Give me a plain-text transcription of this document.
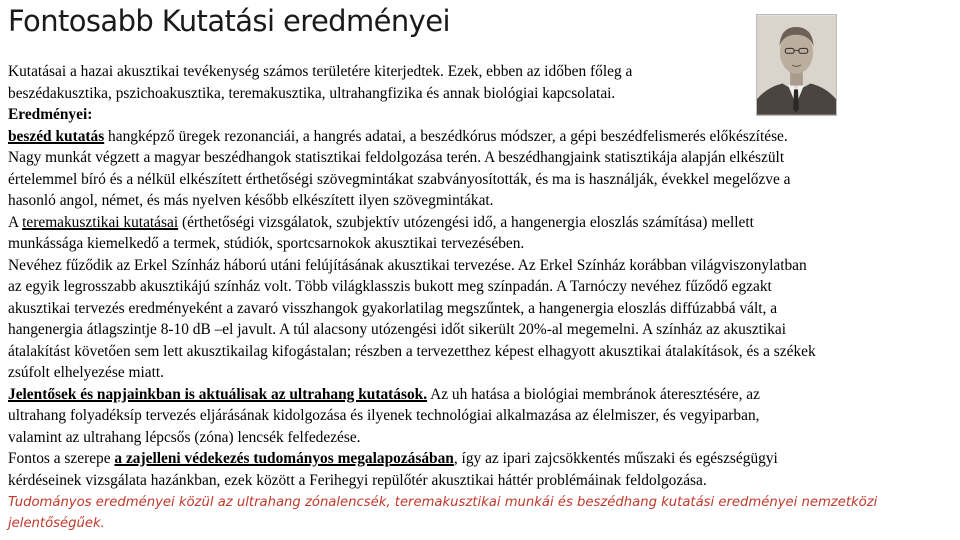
Fontosabb Kutatási eredményei

Kutatásai a hazai akusztikai tevékenység számos területére kiterjedtek. Ezek, ebben az időben főleg a

beszédakusztika, pszichoakusztika, teremakusztika, ultrahangfizika és annak biológiai kapcsolatai.

Eredményei:

beszéd kutatás hangképző üregek rezonanciái, a hangrés adatai, a beszédkórus módszer, a gépi beszédfelismerés előkészítése.

Nagy munkát végzett a magyar beszédhangok statisztikai feldolgozása terén. A beszédhangjaink statisztikája alapján elkészült

értelemmel bíró és a nélkül elkészített érthetőségi szövegmintákat szabványosították, és ma is használják, évekkel megelőzve a

hasonló angol, német, és más nyelven később elkészített ilyen szövegmintákat.

A teremakusztikai kutatásai (érthetőségi vizsgálatok, szubjektív utózengési idő, a hangenergia eloszlás számítása) mellett

munkássága kiemelkedő a termek, stúdiók, sportcsarnokok akusztikai tervezésében.

Nevéhez fűződik az Erkel Színház háború utáni felújításának akusztikai tervezése. Az Erkel Színház korábban világviszonylatban

az egyik legrosszabb akusztikájú színház volt. Több világklasszis bukott meg színpadán. A Tarnóczy nevéhez fűződő egzakt

akusztikai tervezés eredményeként a zavaró visszhangok gyakorlatilag megszűntek, a hangenergia eloszlás diffúzabbá vált, a

hangenergia átlagszintje 8-10 dB –el javult. A túl alacsony utózengési időt sikerült 20%-al megemelni. A színház az akusztikai

átalakítást követően sem lett akusztikailag kifogástalan; részben a tervezetthez képest elhagyott akusztikai átalakítások, és a székek

zsúfolt elhelyezése miatt.

Jelentősek és napjainkban is aktuálisak az ultrahang kutatások. Az uh hatása a biológiai membránok áteresztésére, az

ultrahang folyadéksíp tervezés eljárásának kidolgozása és ilyenek technológiai alkalmazása az élelmiszer, és vegyiparban,

valamint az ultrahang lépcsős (zóna) lencsék felfedezése.

Fontos a szerepe a zajelleni védekezés tudományos megalapozásában, így az ipari zajcsökkentés műszaki és egészségügyi

kérdéseinek vizsgálata hazánkban, ezek között a Ferihegyi repülőtér akusztikai háttér problémáinak feldolgozása.

Tudományos eredményei közül az ultrahang zónalencsék, teremakusztikai munkái és beszédhang kutatási eredményei nemzetközi jelentőségűek.
